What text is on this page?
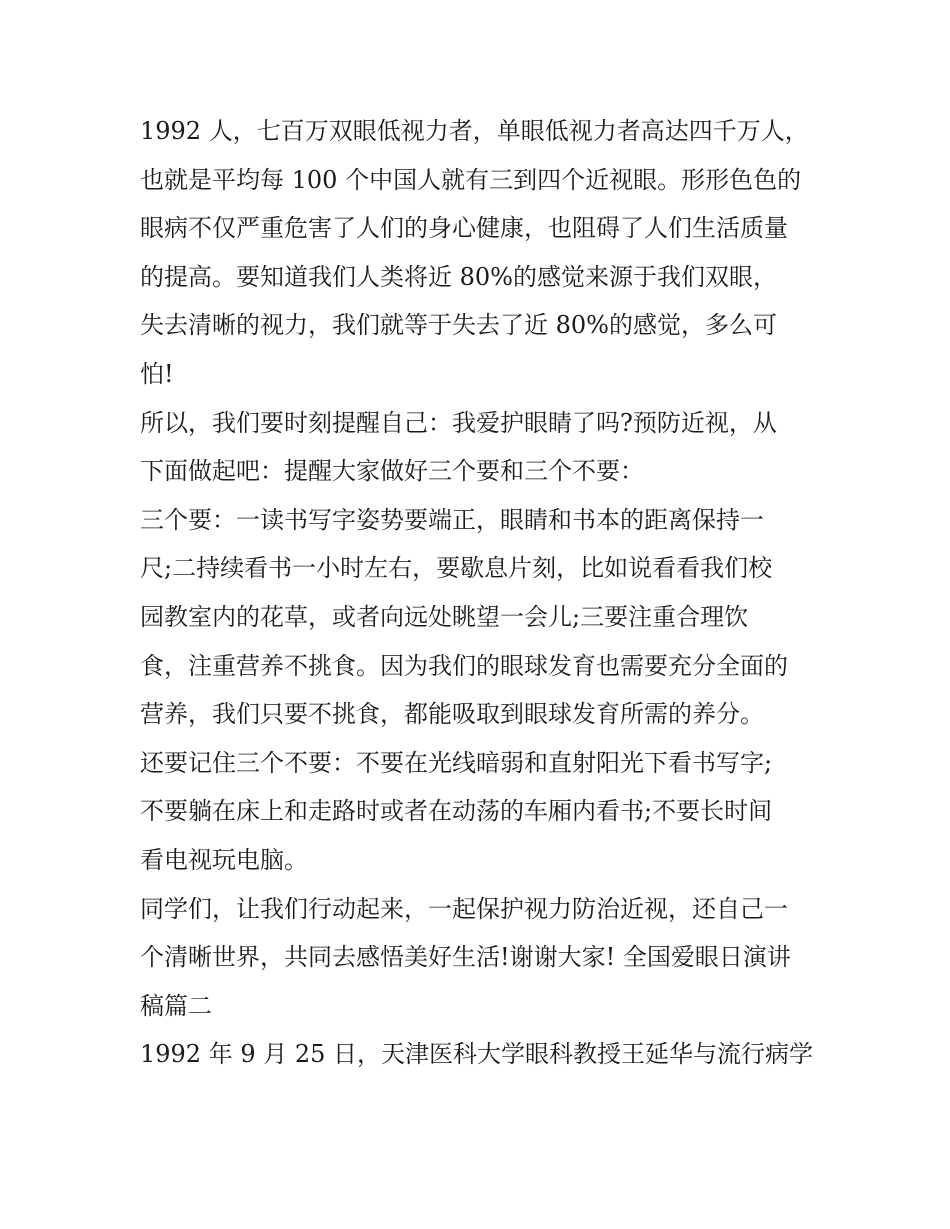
1992 人，七百万双眼低视力者，单眼低视力者高达四千万人，
也就是平均每 100 个中国人就有三到四个近视眼。形形色色的
眼病不仅严重危害了人们的身心健康，也阻碍了人们生活质量
的提高。要知道我们人类将近 80%的感觉来源于我们双眼，
失去清晰的视力，我们就等于失去了近 80%的感觉，多么可
怕!
所以，我们要时刻提醒自己：我爱护眼睛了吗?预防近视，从
下面做起吧：提醒大家做好三个要和三个不要：
三个要：一读书写字姿势要端正，眼睛和书本的距离保持一
尺;二持续看书一小时左右，要歇息片刻，比如说看看我们校
园教室内的花草，或者向远处眺望一会儿;三要注重合理饮
食，注重营养不挑食。因为我们的眼球发育也需要充分全面的
营养，我们只要不挑食，都能吸取到眼球发育所需的养分。
还要记住三个不要：不要在光线暗弱和直射阳光下看书写字;
不要躺在床上和走路时或者在动荡的车厢内看书;不要长时间
看电视玩电脑。
同学们，让我们行动起来，一起保护视力防治近视，还自己一
个清晰世界，共同去感悟美好生活!谢谢大家! 全国爱眼日演讲
稿篇二
1992 年 9 月 25 日，天津医科大学眼科教授王延华与流行病学
